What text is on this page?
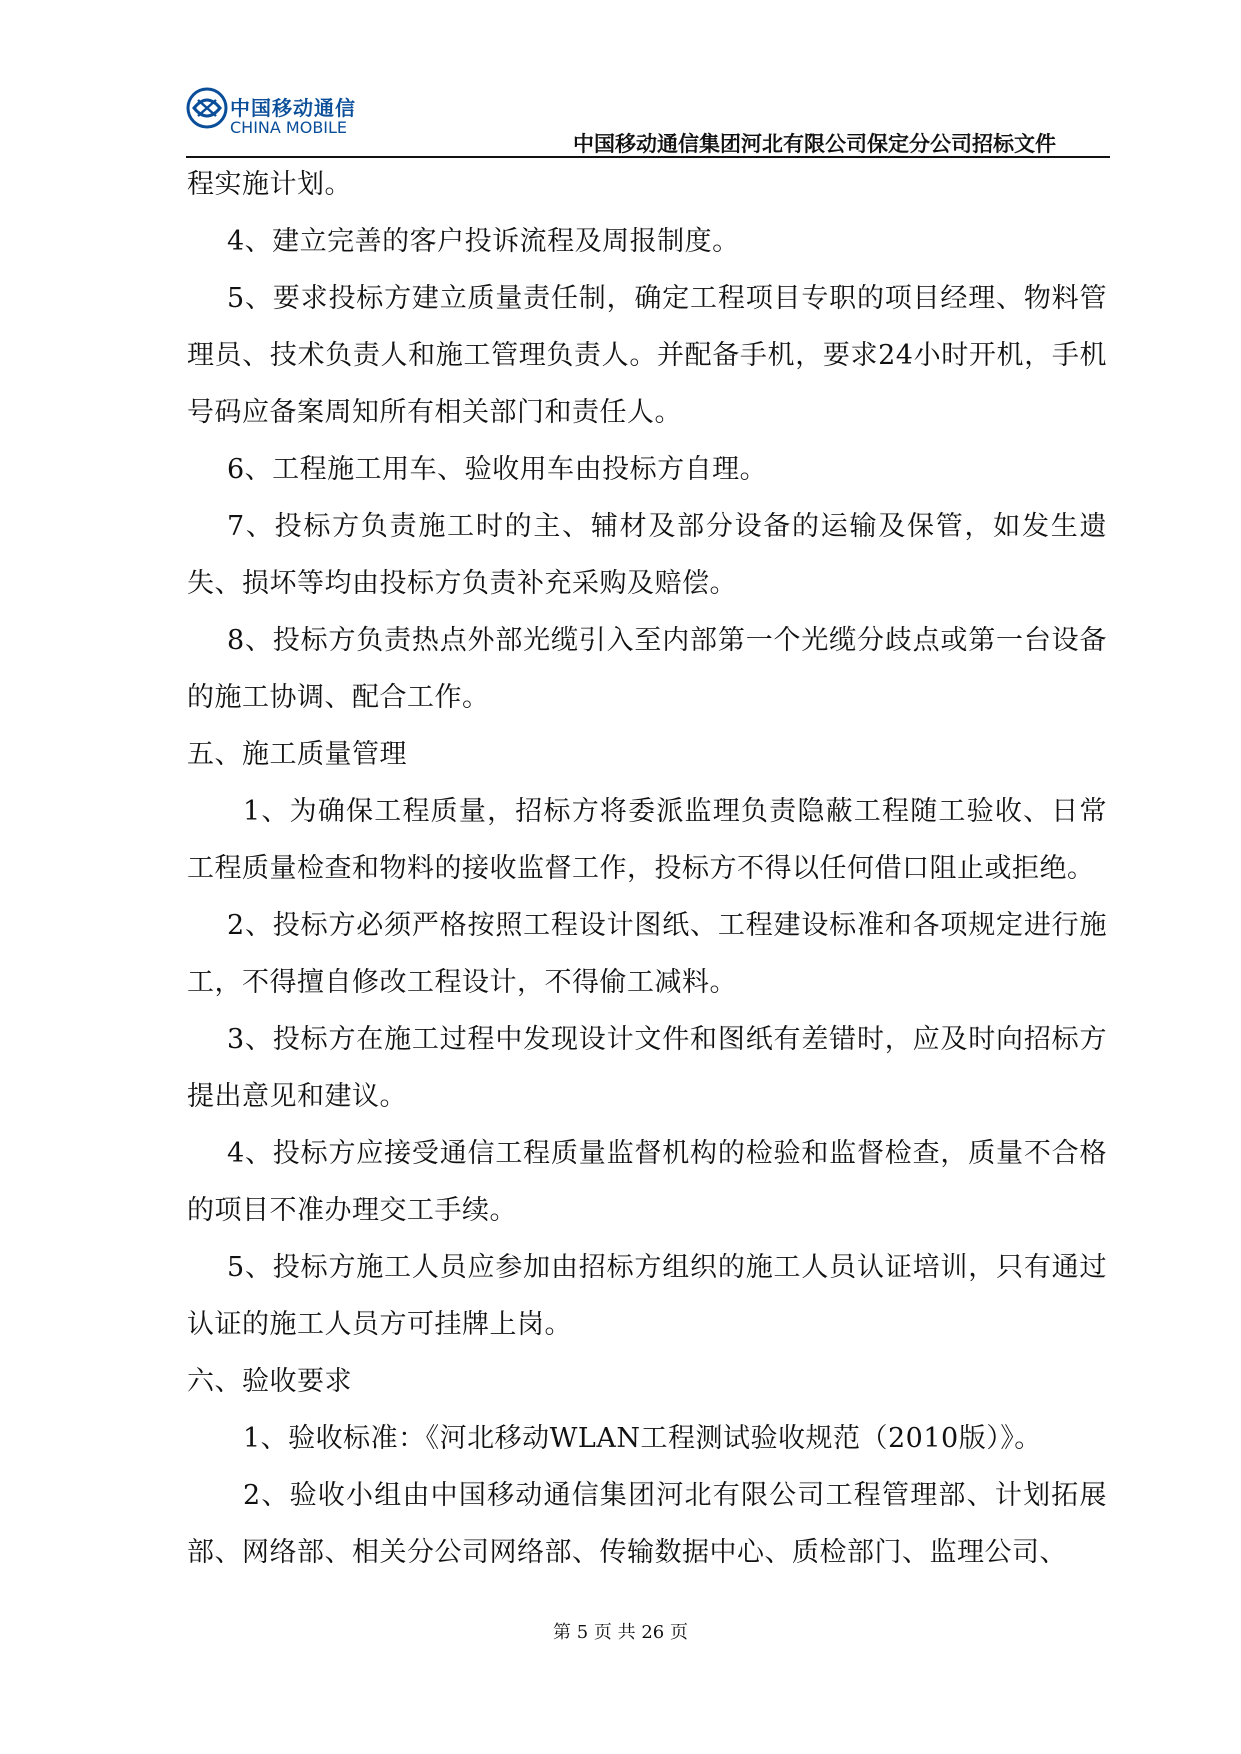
中国移动通信
CHINA MOBILE
中国移动通信集团河北有限公司保定分公司招标文件

程实施计划。

4、建立完善的客户投诉流程及周报制度。

5、要求投标方建立质量责任制，确定工程项目专职的项目经理、物料管理员、技术负责人和施工管理负责人。并配备手机，要求24小时开机，手机号码应备案周知所有相关部门和责任人。

6、工程施工用车、验收用车由投标方自理。

7、投标方负责施工时的主、辅材及部分设备的运输及保管，如发生遗失、损坏等均由投标方负责补充采购及赔偿。

8、投标方负责热点外部光缆引入至内部第一个光缆分歧点或第一台设备的施工协调、配合工作。

五、施工质量管理

1、为确保工程质量，招标方将委派监理负责隐蔽工程随工验收、日常工程质量检查和物料的接收监督工作，投标方不得以任何借口阻止或拒绝。

2、投标方必须严格按照工程设计图纸、工程建设标准和各项规定进行施工，不得擅自修改工程设计，不得偷工减料。

3、投标方在施工过程中发现设计文件和图纸有差错时，应及时向招标方提出意见和建议。

4、投标方应接受通信工程质量监督机构的检验和监督检查，质量不合格的项目不准办理交工手续。

5、投标方施工人员应参加由招标方组织的施工人员认证培训，只有通过认证的施工人员方可挂牌上岗。

六、验收要求

1、验收标准：《河北移动WLAN工程测试验收规范（2010版）》。

2、验收小组由中国移动通信集团河北有限公司工程管理部、计划拓展部、网络部、相关分公司网络部、传输数据中心、质检部门、监理公司、

第 5 页 共 26 页
